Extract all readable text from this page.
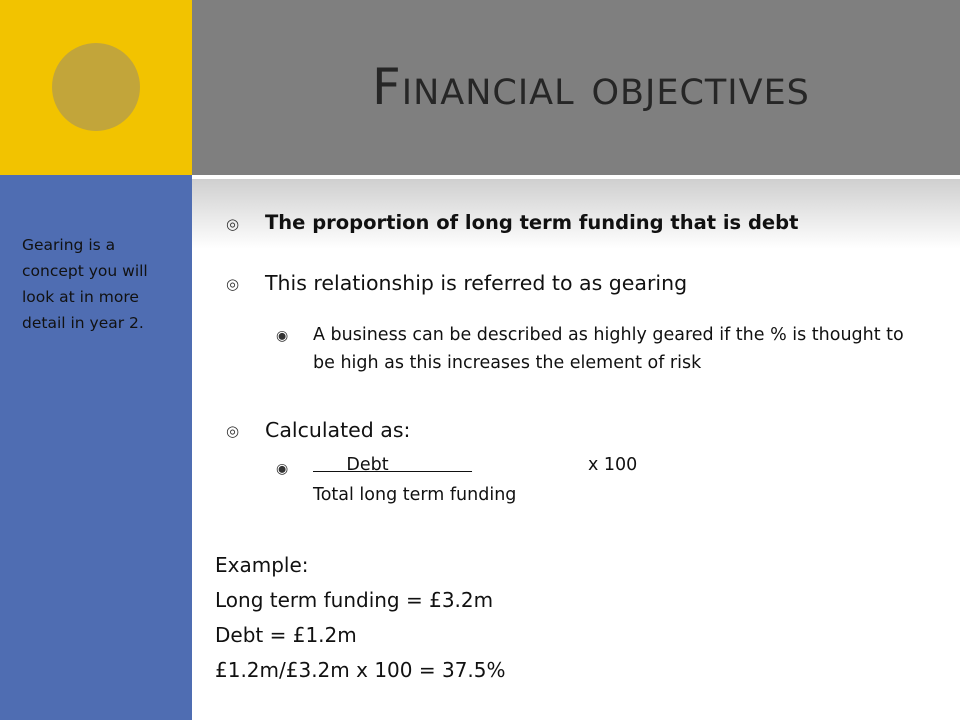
Gearing is a concept you will look at in more detail in year 2.

Financial objectives
◎ The proportion of long term funding that is debt
◎ This relationship is referred to as gearing
◉ A business can be described as highly geared if the % is thought to be high as this increases the element of risk
◎ Calculated as:
◉ Debt	x 100
Total long term funding
Example:
Long term funding = £3.2m
Debt = £1.2m
£1.2m/£3.2m x 100 = 37.5%
